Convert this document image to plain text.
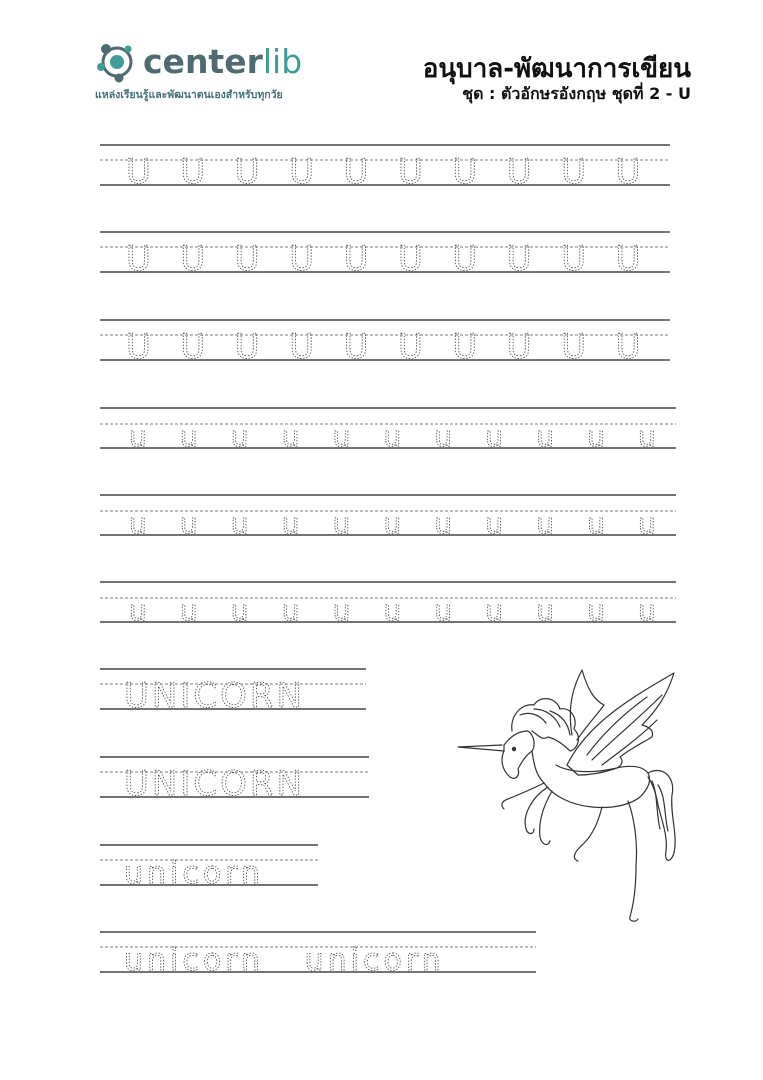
centerlib
แหล่งเรียนรู้และพัฒนาตนเองสำหรับทุกวัย
อนุบาล-พัฒนาการเขียน
ชุด : ตัวอักษรอังกฤษ ชุดที่ 2 - U
U U U U U U U U U U
U U U U U U U U U U
U U U U U U U U U U
u u u u u u u u u u u
u u u u u u u u u u u
u u u u u u u u u u u
UNICORN
UNICORN
unicorn
unicorn   unicorn
